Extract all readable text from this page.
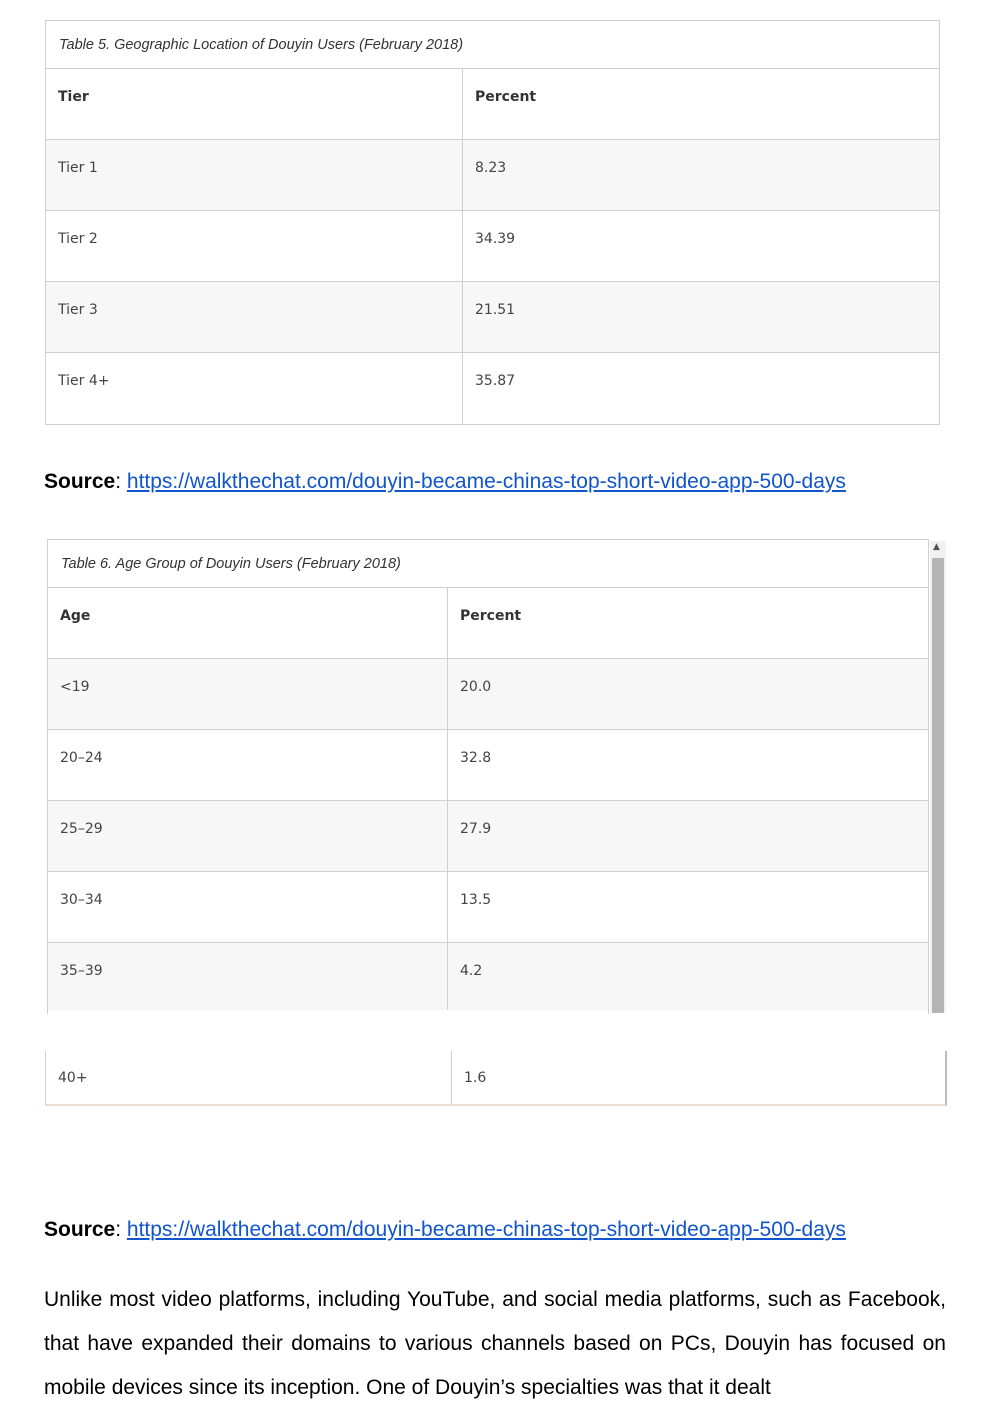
Table 5. Geographic Location of Douyin Users (February 2018)
Tier	Percent
Tier 1	8.23
Tier 2	34.39
Tier 3	21.51
Tier 4+	35.87
Source: https://walkthechat.com/douyin-became-chinas-top-short-video-app-500-days
Table 6. Age Group of Douyin Users (February 2018)
Age	Percent
<19	20.0
20–24	32.8
25–29	27.9
30–34	13.5
35–39	4.2
▲
40+	1.6
Source: https://walkthechat.com/douyin-became-chinas-top-short-video-app-500-days
Unlike most video platforms, including YouTube, and social media platforms, such as Facebook, that have expanded their domains to various channels based on PCs, Douyin has focused on mobile devices since its inception. One of Douyin’s specialties was that it dealt
